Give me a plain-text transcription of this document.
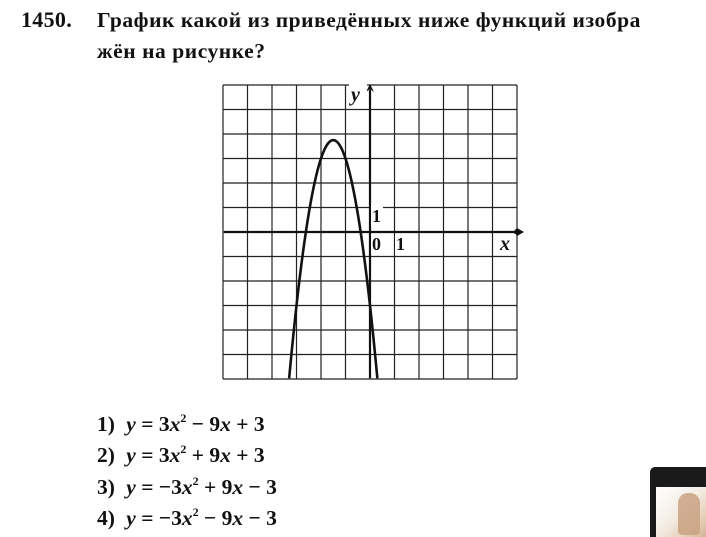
1450. График какой из приведённых ниже функций изобра
жён на рисунке?
y
x
0 1
1
1) $y = 3x^2 - 9x + 3$
2) $y = 3x^2 + 9x + 3$
3) $y = -3x^2 + 9x - 3$
4) $y = -3x^2 - 9x - 3$
